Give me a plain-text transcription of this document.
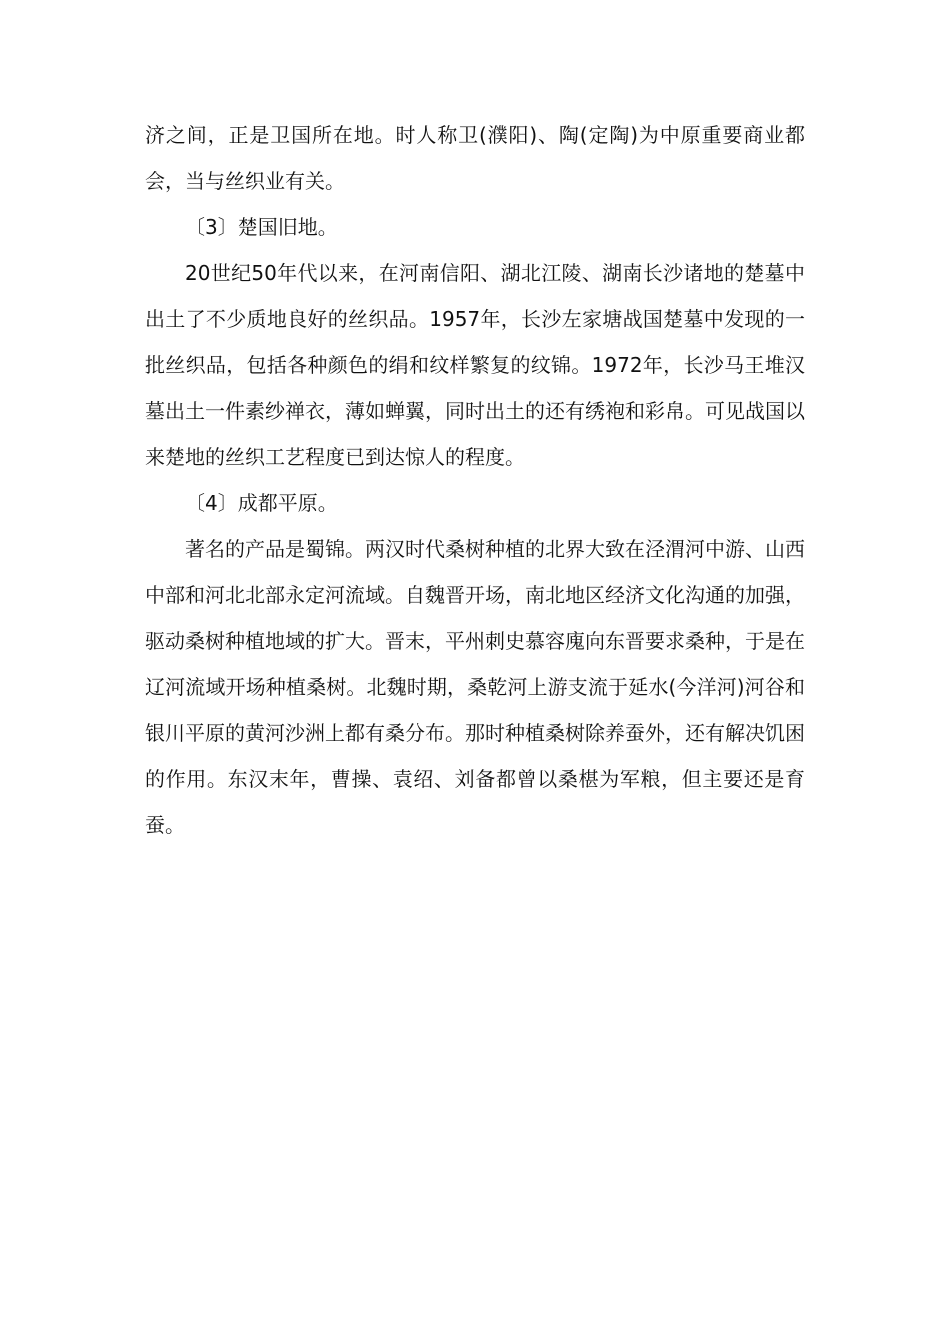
济之间，正是卫国所在地。时人称卫(濮阳)、陶(定陶)为中原重要商业都会，当与丝织业有关。

〔3〕楚国旧地。

20世纪50年代以来，在河南信阳、湖北江陵、湖南长沙诸地的楚墓中出土了不少质地良好的丝织品。1957年，长沙左家塘战国楚墓中发现的一批丝织品，包括各种颜色的绢和纹样繁复的纹锦。1972年，长沙马王堆汉墓出土一件素纱禅衣，薄如蝉翼，同时出土的还有绣袍和彩帛。可见战国以来楚地的丝织工艺程度已到达惊人的程度。

〔4〕成都平原。

著名的产品是蜀锦。两汉时代桑树种植的北界大致在泾渭河中游、山西中部和河北北部永定河流域。自魏晋开场，南北地区经济文化沟通的加强，驱动桑树种植地域的扩大。晋末，平州刺史慕容廆向东晋要求桑种，于是在辽河流域开场种植桑树。北魏时期，桑乾河上游支流于延水(今洋河)河谷和银川平原的黄河沙洲上都有桑分布。那时种植桑树除养蚕外，还有解决饥困的作用。东汉末年，曹操、袁绍、刘备都曾以桑椹为军粮，但主要还是育蚕。
